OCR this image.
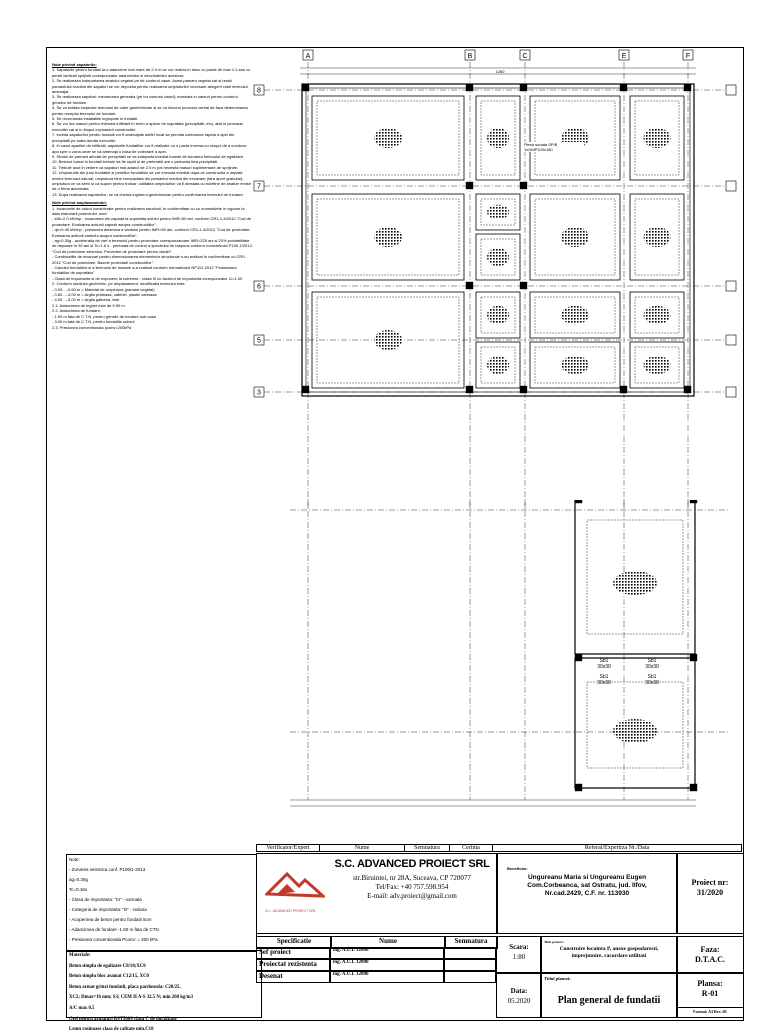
Note privind sapaturile:

1. Sapaturile pentru fundatii la o adancime mai mare de 2.0 m se vor realiza in taluz cu panta de max 1:1 sau cu pereti verticali sprijiniti corespunzator adancimilor si deschiderilor acestora.

2. Se realizeaza indepartarea stratului vegetal pe tot conturul casei. Acest pamant vegetal cat si restul pamantului rezultat din sapaturi se vor depozita pentru realizarea umpluturilor necesare atingerii cotei terenului amenajat.

3. Se realizeaza sapaturi: mecanizata generala (pe tot conturul casei); manuala in santuri pentru conturul grinzilor de fundare.

4. Se va realiza inspectia terenului de catre geotehnician si se va intocmi procesul verbal de faza determinanta pentru receptia terenului de fundare.

5. Se recomanda instalatiile ingropate in fundatii.

6. Se vor lua masuri pentru evitarea infiltrarii in teren a apelor de suprafata (precipitatii, etc), atat in perioada executiei cat si in timpul exploatarii constructiei.

7. Incinta sapaturilor pentru fundatii vor fi amenajate astfel incat sa permita colectarea rapida a apei din precipitatii pe toata durata executiei.

8. In cazul aparitiei de infiltratii, sapaturile fundatiilor vor fi realizate cu o panta inversa cu scopul de a conduce apa spre o zona unde se va amenaja o basa de colectare a apei.

9. Stratul de pamant afectat de precipitatii se va indeparta imediat inainte de turnarea betonului de egalizare.

10. Betonul turnat in fundatii trebuie sa fie rapid si de preferabil are o perioada fara precipitatii.

11. Trebuie avut in vedere ca sapaturi mai adanci de 2.0 m pot necesita masuri suplimentare de sprijinire.

12. Umpluturile din jurul fundatiei si peretilor fundatiilor se vor executa imediat dupa ce constructia a depasit nivelul terenului natural, umplutura bine compactata din pamantul rezultat din excavare (fara aport granular); umplutura ce va servi si ca suport pentru trotuar, calitatea umpluturilor va fi atestata cu buletine de analize emise de o firma autorizata.

13. Dupa realizarea sapaturilor, se va chema inginerul geotehnician pentru confirmarea terenului de fundare.

Note privind amplasamentul:

1. Incarcarile de calcul considerate pentru realizarea structurii, in conformitate cu cu normativele in vigoare la data elaborarii proiectului, sunt:

- s0k=2.0 kN/mp - incarcarea din zapada la suprafata solului pentru IMR=50 ani, conform CR1-1-3/2012 "Cod de proiectare. Evaluarea actiunii zapezii asupra constructiilor".

- qb=0.40 kN/mp - presiunea dinamica a vantului pentru IMR=50 ani, conform CR1-1-4/2012 "Cod de proiectare. Evaluarea actiunii vantului asupra constructiilor".

- ag=0.30g - acceleratia de varf a terenului pentru proiectare corespunzatoare IMR=225 ani si 20% probabilitate de depasire in 50 ani si Tc=1.6 s - perioada de control a spectrului de raspuns conform normativului P100-1/2013 "Cod de proiectare seismica. Prevederi de proiectare pentru cladiri".

- Combinatiile de incarcari pentru dimensionarea elementelor structurale s-au realizat in conformitate cu CR0-2012 "Cod de proiectare. Bazele proiectarii constructiilor".

- Calculul fundatiilor si a terenului de fundare a-a realizat conform normativului NP112-2012 "Proiectarea fundatiilor de suprafata".

- Clasa de importanta si de expunere la cutremur - clasa III cu factorul de importanta corespunzator I1=1.00

2. Conform studiului geotehnic, pe amplasament, stratificatia terenului este:

- 0.00....-0.60 m = Material de umplutura (pamant vegetal)

- 0.60....-4.00 m = Argila prafoasa, cafenie, plastic vartoasa

- 4.00....-5.00 m = Argila galbena, tare

2.1. Adancimea de inghet este de 0.90 m

2.2. Adancimea de fundare:

- 1.50 m fata de C.T.N. pentru grinzile de fundare sub casa

- 3.00 m fata de C.T.N. pentru fundatiile subsol

2.3. Presiunea conventionala pconv=200kPa

A	B	C	E	F
8
7
6
5
3
1260
Sb1
30x30
Sb1
30x30
Sb1
30x30
Sb1
30x30
Piesa sudata SP/B 1xOMP100x180
Note:

- Zonarea seismica conf. P100/1-2013

ag=0.30g

Tc=0.16s

- Clasa de importanta: "III" - normala

- Categoria de importanta: "D" - redusa

- Acoperirea de beton pentru fundatii 5cm

- Adancimea de fundare -1.50 m fata de CTN

- Presiunea conventionala Pconv: = 200 kPa

Materiale:

Beton simplu de egalizare C8/10;XC0

Beton simplu bloc asamat C12/15, XC0

Beton armat grinzi fundatii, placa pardoseala: C20/25.

XC2; Dmax=16 mm; S3; CEM II A-S 32.5 N; min 260 kg/m3

A/C max 0.5

Otel pentru armaturi BST500S clasa C de ductilitate

Lemn rasinoase clasa de calitate min.C18

Verificator/Expert	Nume	Semnatura	Cerinta	Referat/Expertiza Nr./Data
S.C. ADVANCED PROIECT SRL
S.C. ADVANCED PROIECT SRL
str.Biruintei, nr 28A, Suceava, CP 720077
Tel/Fax: +40 757.598.954
E-mail: adv.proiect@gmail.com
Beneficiar:
Ungureanu Maria si Ungureanu Eugen
Com.Corbeanca, sat Ostratu, jud. Ilfov,
Nr.cad.2429, C.F. nr. 113930
Proiect nr:
31/2020
Specificatie	Nume	Semnatura
Sef proiect	ing. A.U.I. 12000
Proiectat rezistenta	ing. A.U.I. 12000
Desenat	ing. A.U.I. 12000
Scara:
1:80
Data:
05.2020
Titlu proiect:
Construire locuinta P, anexe gospodaresti, imprejmuire, racordare utilitati
Titlul plansei:
Plan general de fundatii
Faza:
D.T.A.C.
Plansa:
R-01
Format: A3 Rev.:01
